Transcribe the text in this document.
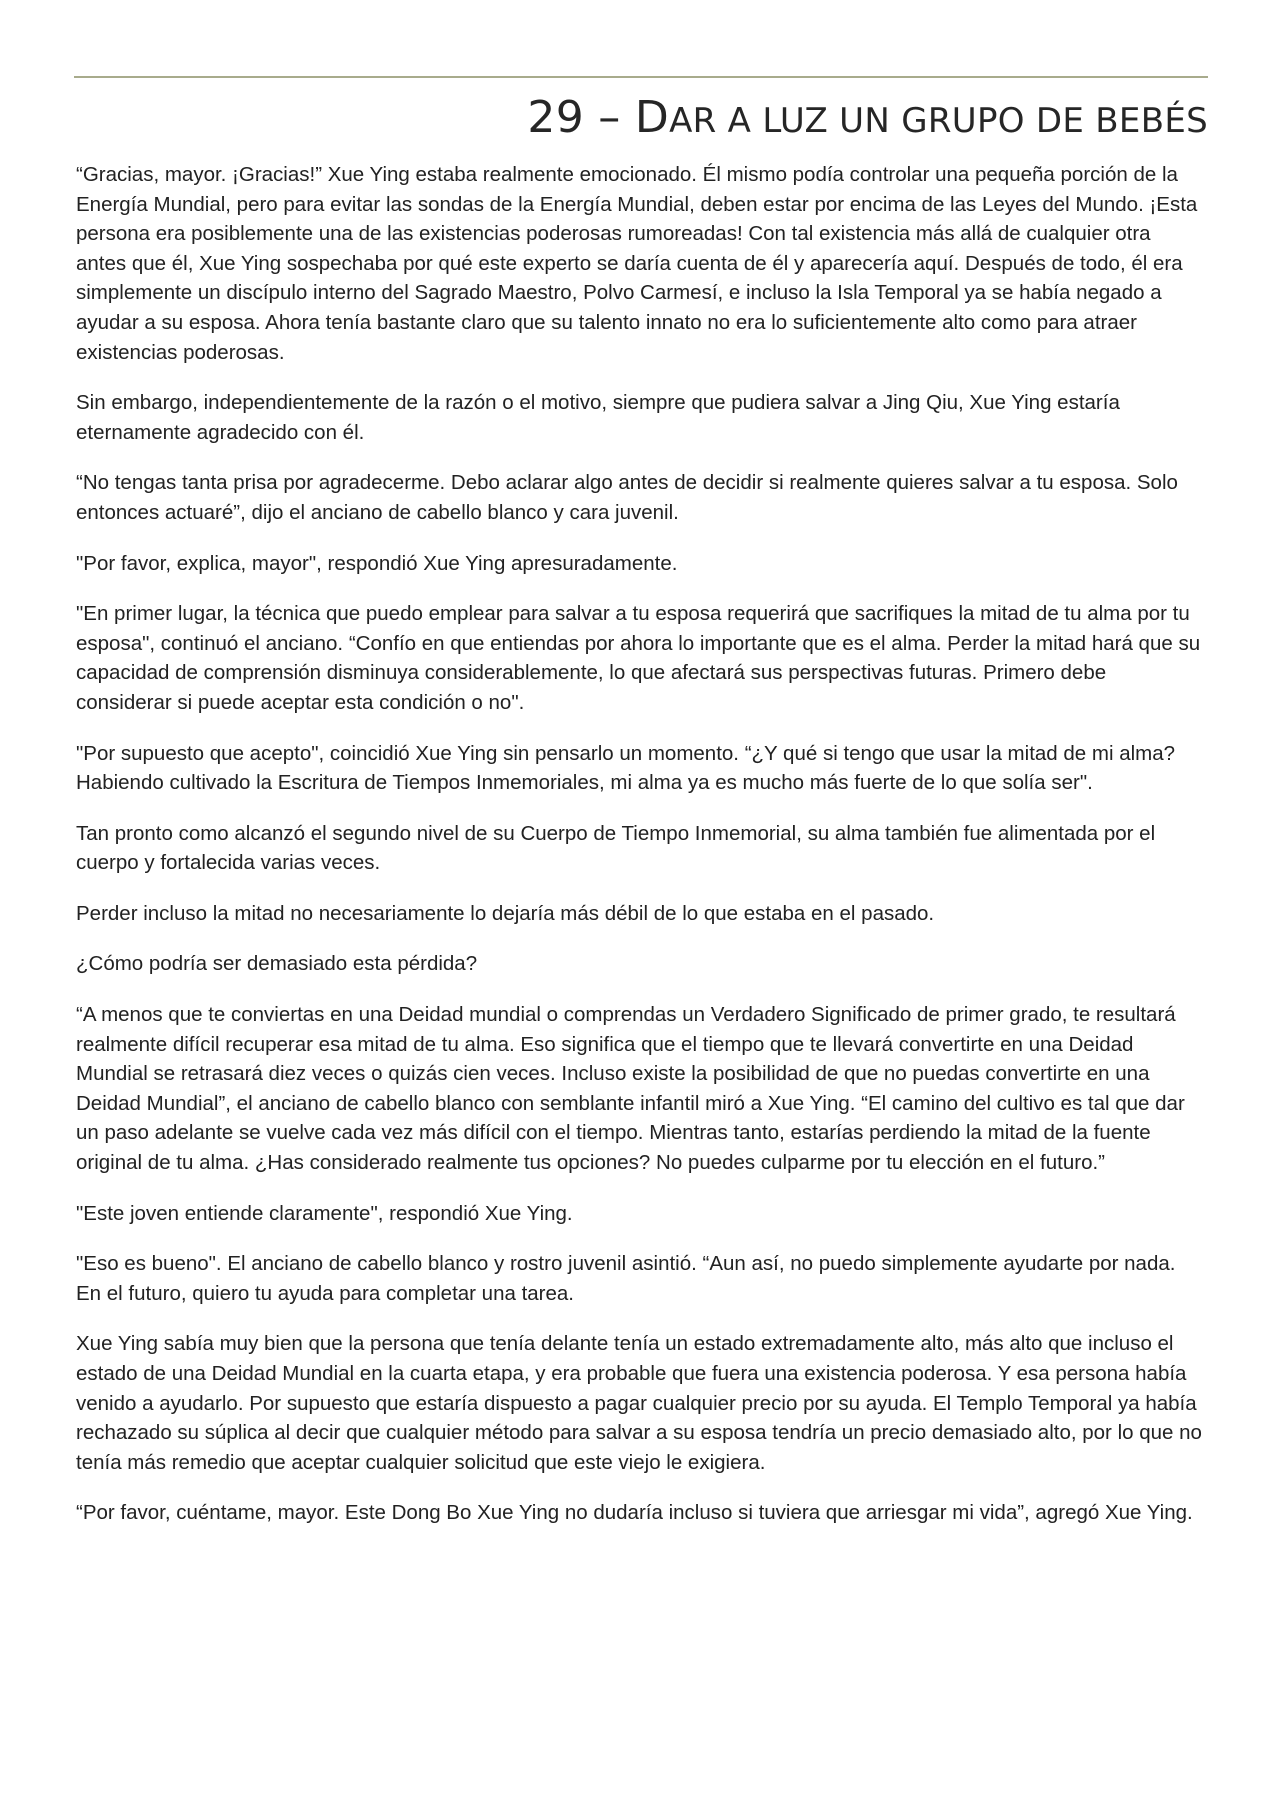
29 – DAR A LUZ UN GRUPO DE BEBÉS

“Gracias, mayor. ¡Gracias!” Xue Ying estaba realmente emocionado. Él mismo podía controlar una pequeña porción de la Energía Mundial, pero para evitar las sondas de la Energía Mundial, deben estar por encima de las Leyes del Mundo. ¡Esta persona era posiblemente una de las existencias poderosas rumoreadas! Con tal existencia más allá de cualquier otra antes que él, Xue Ying sospechaba por qué este experto se daría cuenta de él y aparecería aquí. Después de todo, él era simplemente un discípulo interno del Sagrado Maestro, Polvo Carmesí, e incluso la Isla Temporal ya se había negado a ayudar a su esposa. Ahora tenía bastante claro que su talento innato no era lo suficientemente alto como para atraer existencias poderosas.

Sin embargo, independientemente de la razón o el motivo, siempre que pudiera salvar a Jing Qiu, Xue Ying estaría eternamente agradecido con él.

“No tengas tanta prisa por agradecerme. Debo aclarar algo antes de decidir si realmente quieres salvar a tu esposa. Solo entonces actuaré”, dijo el anciano de cabello blanco y cara juvenil.

"Por favor, explica, mayor", respondió Xue Ying apresuradamente.

"En primer lugar, la técnica que puedo emplear para salvar a tu esposa requerirá que sacrifiques la mitad de tu alma por tu esposa", continuó el anciano. “Confío en que entiendas por ahora lo importante que es el alma. Perder la mitad hará que su capacidad de comprensión disminuya considerablemente, lo que afectará sus perspectivas futuras. Primero debe considerar si puede aceptar esta condición o no".

"Por supuesto que acepto", coincidió Xue Ying sin pensarlo un momento. “¿Y qué si tengo que usar la mitad de mi alma? Habiendo cultivado la Escritura de Tiempos Inmemoriales, mi alma ya es mucho más fuerte de lo que solía ser".

Tan pronto como alcanzó el segundo nivel de su Cuerpo de Tiempo Inmemorial, su alma también fue alimentada por el cuerpo y fortalecida varias veces.

Perder incluso la mitad no necesariamente lo dejaría más débil de lo que estaba en el pasado.

¿Cómo podría ser demasiado esta pérdida?

“A menos que te conviertas en una Deidad mundial o comprendas un Verdadero Significado de primer grado, te resultará realmente difícil recuperar esa mitad de tu alma. Eso significa que el tiempo que te llevará convertirte en una Deidad Mundial se retrasará diez veces o quizás cien veces. Incluso existe la posibilidad de que no puedas convertirte en una Deidad Mundial”, el anciano de cabello blanco con semblante infantil miró a Xue Ying. “El camino del cultivo es tal que dar un paso adelante se vuelve cada vez más difícil con el tiempo. Mientras tanto, estarías perdiendo la mitad de la fuente original de tu alma. ¿Has considerado realmente tus opciones? No puedes culparme por tu elección en el futuro.”

"Este joven entiende claramente", respondió Xue Ying.

"Eso es bueno". El anciano de cabello blanco y rostro juvenil asintió. “Aun así, no puedo simplemente ayudarte por nada. En el futuro, quiero tu ayuda para completar una tarea.

Xue Ying sabía muy bien que la persona que tenía delante tenía un estado extremadamente alto, más alto que incluso el estado de una Deidad Mundial en la cuarta etapa, y era probable que fuera una existencia poderosa. Y esa persona había venido a ayudarlo. Por supuesto que estaría dispuesto a pagar cualquier precio por su ayuda. El Templo Temporal ya había rechazado su súplica al decir que cualquier método para salvar a su esposa tendría un precio demasiado alto, por lo que no tenía más remedio que aceptar cualquier solicitud que este viejo le exigiera.

“Por favor, cuéntame, mayor. Este Dong Bo Xue Ying no dudaría incluso si tuviera que arriesgar mi vida”, agregó Xue Ying.
